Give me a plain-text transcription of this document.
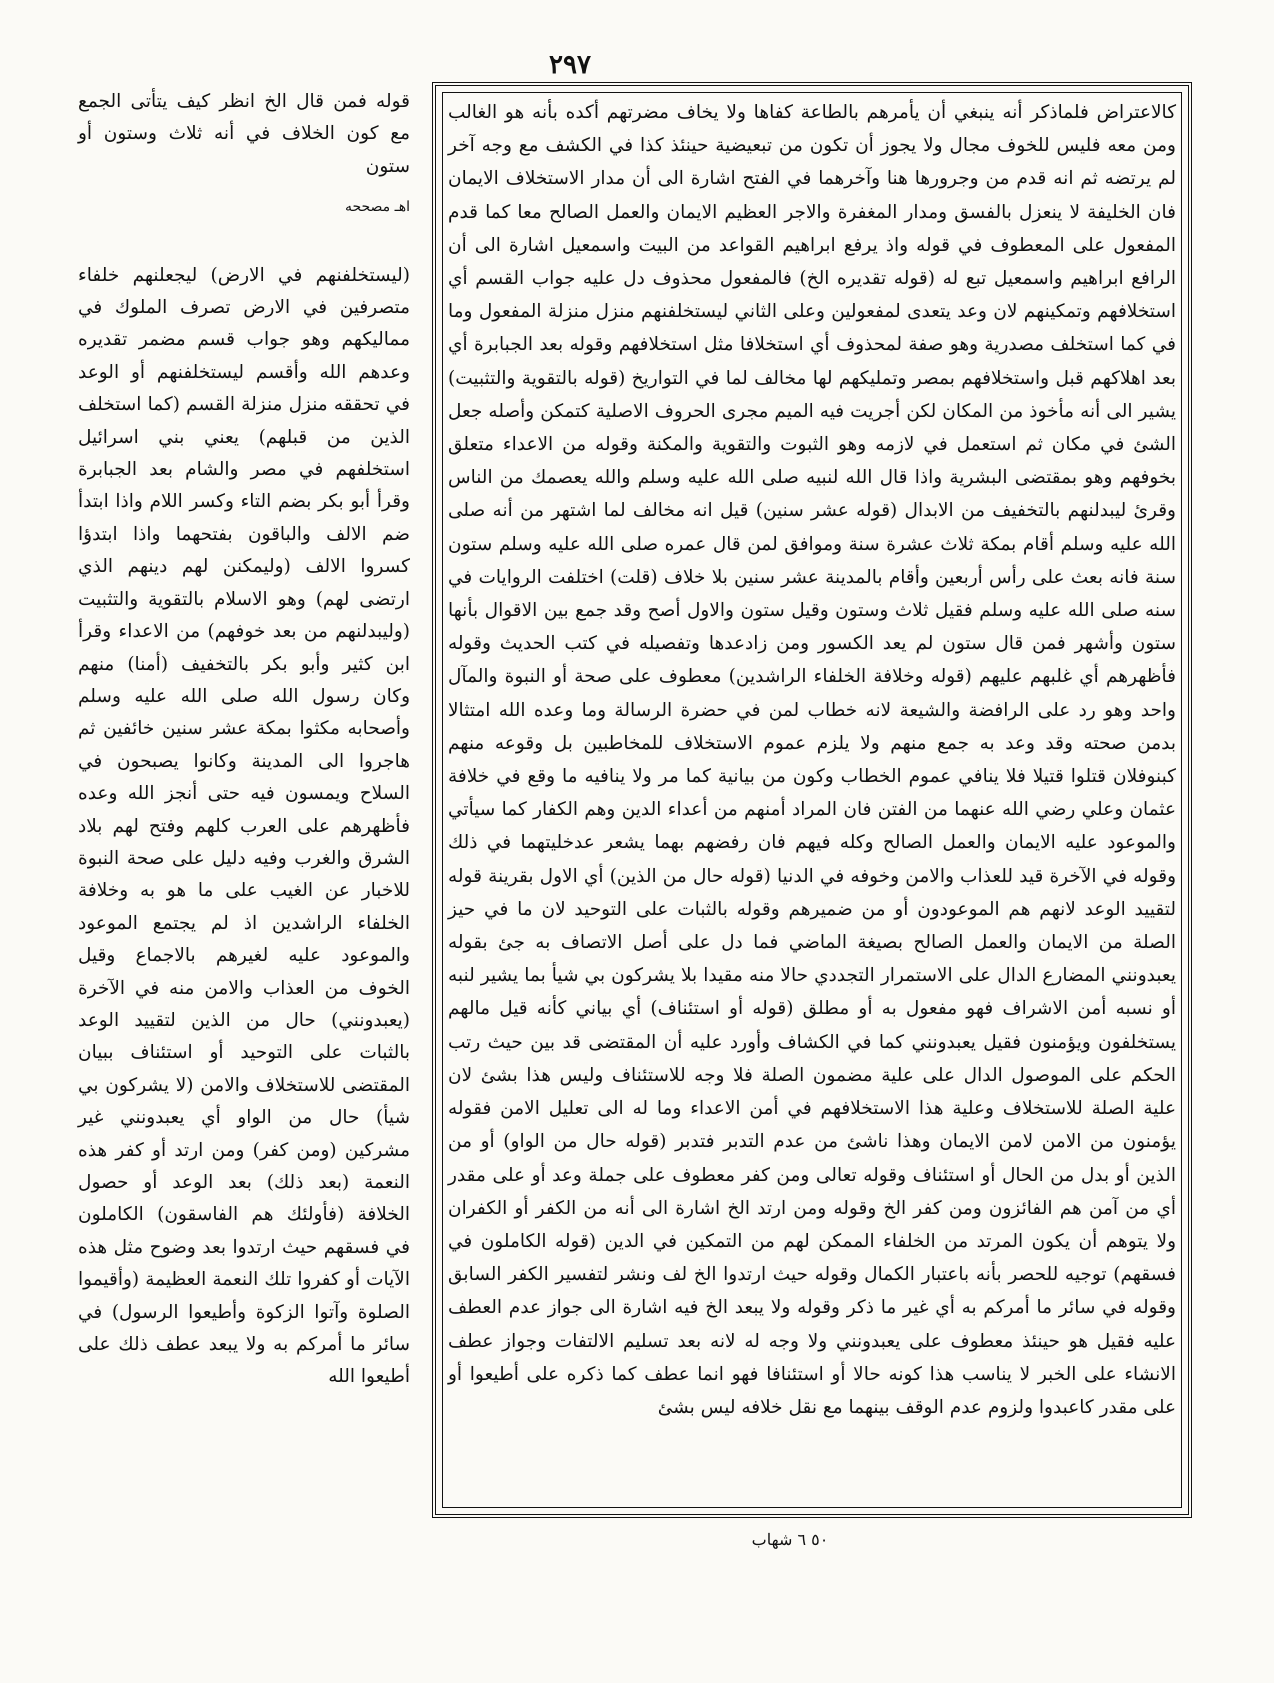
٢٩٧

كالاعتراض فلماذكر أنه ينبغي أن يأمرهم بالطاعة كفاها ولا يخاف مضرتهم أكده بأنه هو الغالب ومن معه فليس للخوف مجال ولا يجوز أن تكون من تبعيضية حينئذ كذا في الكشف مع وجه آخر لم يرتضه ثم انه قدم من وجرورها هنا وآخرهما في الفتح اشارة الى أن مدار الاستخلاف الايمان فان الخليفة لا ينعزل بالفسق ومدار المغفرة والاجر العظيم الايمان والعمل الصالح معا كما قدم المفعول على المعطوف في قوله واذ يرفع ابراهيم القواعد من البيت واسمعيل اشارة الى أن الرافع ابراهيم واسمعيل تبع له (قوله تقديره الخ) فالمفعول محذوف دل عليه جواب القسم أي استخلافهم وتمكينهم لان وعد يتعدى لمفعولين وعلى الثاني ليستخلفنهم منزل منزلة المفعول وما في كما استخلف مصدرية وهو صفة لمحذوف أي استخلافا مثل استخلافهم وقوله بعد الجبابرة أي بعد اهلاكهم قبل واستخلافهم بمصر وتمليكهم لها مخالف لما في التواريخ (قوله بالتقوية والتثبيت) يشير الى أنه مأخوذ من المكان لكن أجريت فيه الميم مجرى الحروف الاصلية كتمكن وأصله جعل الشئ في مكان ثم استعمل في لازمه وهو الثبوت والتقوية والمكنة وقوله من الاعداء متعلق بخوفهم وهو بمقتضى البشرية واذا قال الله لنبيه صلى الله عليه وسلم والله يعصمك من الناس وقرئ ليبدلنهم بالتخفيف من الابدال (قوله عشر سنين) قيل انه مخالف لما اشتهر من أنه صلى الله عليه وسلم أقام بمكة ثلاث عشرة سنة وموافق لمن قال عمره صلى الله عليه وسلم ستون سنة فانه بعث على رأس أربعين وأقام بالمدينة عشر سنين بلا خلاف (قلت) اختلفت الروايات في سنه صلى الله عليه وسلم فقيل ثلاث وستون وقيل ستون والاول أصح وقد جمع بين الاقوال بأنها ستون وأشهر فمن قال ستون لم يعد الكسور ومن زادعدها وتفصيله في كتب الحديث وقوله فأظهرهم أي غلبهم عليهم (قوله وخلافة الخلفاء الراشدين) معطوف على صحة أو النبوة والمآل واحد وهو رد على الرافضة والشيعة لانه خطاب لمن في حضرة الرسالة وما وعده الله امتثالا بدمن صحته وقد وعد به جمع منهم ولا يلزم عموم الاستخلاف للمخاطبين بل وقوعه منهم كبنوفلان قتلوا قتيلا فلا ينافي عموم الخطاب وكون من بيانية كما مر ولا ينافيه ما وقع في خلافة عثمان وعلي رضي الله عنهما من الفتن فان المراد أمنهم من أعداء الدين وهم الكفار كما سيأتي والموعود عليه الايمان والعمل الصالح وكله فيهم فان رفضهم بهما يشعر عدخليتهما في ذلك وقوله في الآخرة قيد للعذاب والامن وخوفه في الدنيا (قوله حال من الذين) أي الاول بقرينة قوله لتقييد الوعد لانهم هم الموعودون أو من ضميرهم وقوله بالثبات على التوحيد لان ما في حيز الصلة من الايمان والعمل الصالح بصيغة الماضي فما دل على أصل الاتصاف به جئ بقوله يعبدونني المضارع الدال على الاستمرار التجددي حالا منه مقيدا بلا يشركون بي شيأ بما يشير لنبه أو نسبه أمن الاشراف فهو مفعول به أو مطلق (قوله أو استئناف) أي بياني كأنه قيل مالهم يستخلفون ويؤمنون فقيل يعبدونني كما في الكشاف وأورد عليه أن المقتضى قد بين حيث رتب الحكم على الموصول الدال على علية مضمون الصلة فلا وجه للاستئناف وليس هذا بشئ لان علية الصلة للاستخلاف وعلية هذا الاستخلافهم في أمن الاعداء وما له الى تعليل الامن فقوله يؤمنون من الامن لامن الايمان وهذا ناشئ من عدم التدبر فتدبر (قوله حال من الواو) أو من الذين أو بدل من الحال أو استئناف وقوله تعالى ومن كفر معطوف على جملة وعد أو على مقدر أي من آمن هم الفائزون ومن كفر الخ وقوله ومن ارتد الخ اشارة الى أنه من الكفر أو الكفران ولا يتوهم أن يكون المرتد من الخلفاء الممكن لهم من التمكين في الدين (قوله الكاملون في فسقهم) توجيه للحصر بأنه باعتبار الكمال وقوله حيث ارتدوا الخ لف ونشر لتفسير الكفر السابق وقوله في سائر ما أمركم به أي غير ما ذكر وقوله ولا يبعد الخ فيه اشارة الى جواز عدم العطف عليه فقيل هو حينئذ معطوف على يعبدونني ولا وجه له لانه بعد تسليم الالتفات وجواز عطف الانشاء على الخبر لا يناسب هذا كونه حالا أو استئنافا فهو انما عطف كما ذكره على أطيعوا أو على مقدر كاعبدوا ولزوم عدم الوقف بينهما مع نقل خلافه ليس بشئ

قوله فمن قال الخ انظر كيف يتأتى الجمع مع كون الخلاف في أنه ثلاث وستون أو ستون

اهـ مصححه

(ليستخلفنهم في الارض) ليجعلنهم خلفاء متصرفين في الارض تصرف الملوك في مماليكهم وهو جواب قسم مضمر تقديره وعدهم الله وأقسم ليستخلفنهم أو الوعد في تحققه منزل منزلة القسم (كما استخلف الذين من قبلهم) يعني بني اسرائيل استخلفهم في مصر والشام بعد الجبابرة وقرأ أبو بكر بضم التاء وكسر اللام واذا ابتدأ ضم الالف والباقون بفتحهما واذا ابتدؤا كسروا الالف (وليمكنن لهم دينهم الذي ارتضى لهم) وهو الاسلام بالتقوية والتثبيت (وليبدلنهم من بعد خوفهم) من الاعداء وقرأ ابن كثير وأبو بكر بالتخفيف (أمنا) منهم وكان رسول الله صلى الله عليه وسلم وأصحابه مكثوا بمكة عشر سنين خائفين ثم هاجروا الى المدينة وكانوا يصبحون في السلاح ويمسون فيه حتى أنجز الله وعده فأظهرهم على العرب كلهم وفتح لهم بلاد الشرق والغرب وفيه دليل على صحة النبوة للاخبار عن الغيب على ما هو به وخلافة الخلفاء الراشدين اذ لم يجتمع الموعود والموعود عليه لغيرهم بالاجماع وقيل الخوف من العذاب والامن منه في الآخرة (يعبدونني) حال من الذين لتقييد الوعد بالثبات على التوحيد أو استئناف ببيان المقتضى للاستخلاف والامن (لا يشركون بي شيأ) حال من الواو أي يعبدونني غير مشركين (ومن كفر) ومن ارتد أو كفر هذه النعمة (بعد ذلك) بعد الوعد أو حصول الخلافة (فأولئك هم الفاسقون) الكاملون في فسقهم حيث ارتدوا بعد وضوح مثل هذه الآيات أو كفروا تلك النعمة العظيمة (وأقيموا الصلوة وآتوا الزكوة وأطيعوا الرسول) في سائر ما أمركم به ولا يبعد عطف ذلك على أطيعوا الله

٥٠ ٦ شهاب
